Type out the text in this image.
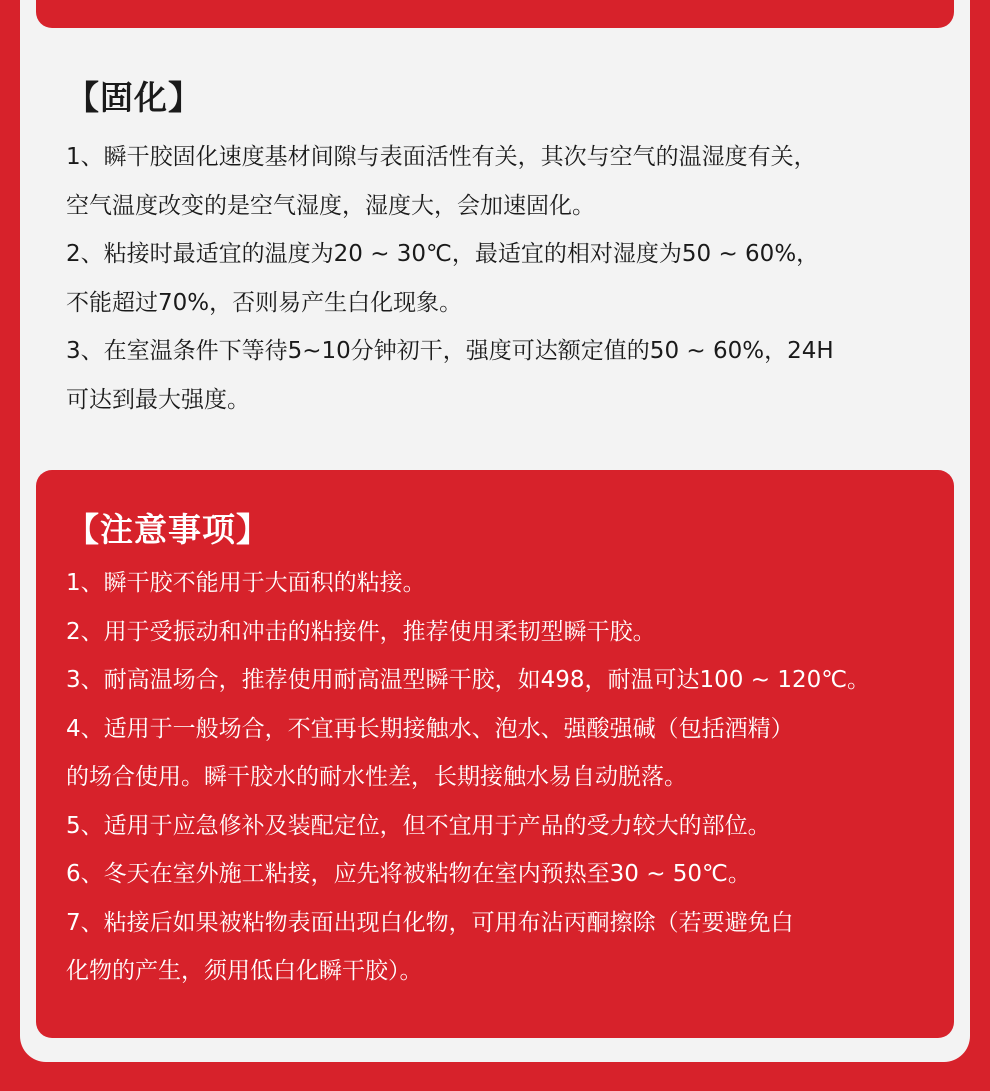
【固化】

1、瞬干胶固化速度基材间隙与表面活性有关，其次与空气的温湿度有关，

空气温度改变的是空气湿度，湿度大，会加速固化。

2、粘接时最适宜的温度为20 ~ 30℃，最适宜的相对湿度为50 ~ 60%，

不能超过70%，否则易产生白化现象。

3、在室温条件下等待5~10分钟初干，强度可达额定值的50 ~ 60%，24H

可达到最大强度。

【注意事项】

1、瞬干胶不能用于大面积的粘接。

2、用于受振动和冲击的粘接件，推荐使用柔韧型瞬干胶。

3、耐高温场合，推荐使用耐高温型瞬干胶，如498，耐温可达100 ~ 120℃。

4、适用于一般场合，不宜再长期接触水、泡水、强酸强碱（包括酒精）

的场合使用。瞬干胶水的耐水性差，长期接触水易自动脱落。

5、适用于应急修补及装配定位，但不宜用于产品的受力较大的部位。

6、冬天在室外施工粘接，应先将被粘物在室内预热至30 ~ 50℃。

7、粘接后如果被粘物表面出现白化物，可用布沾丙酮擦除（若要避免白

化物的产生，须用低白化瞬干胶）。
